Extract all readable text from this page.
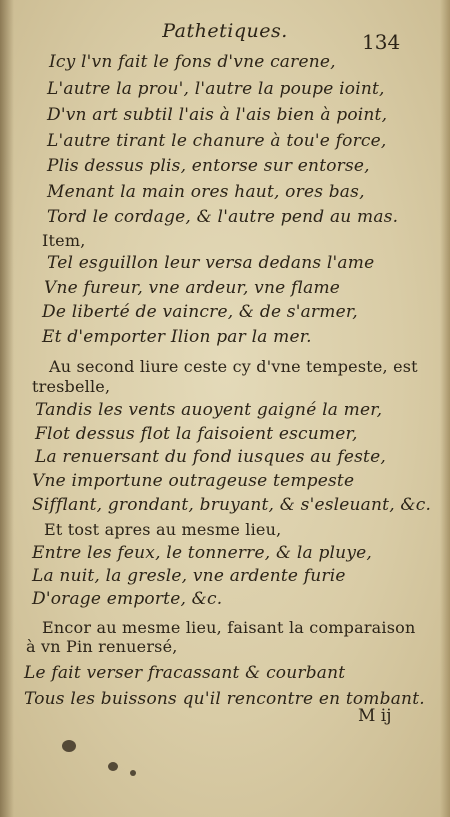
Pathetiques.	134
Icy l'vn fait le fons d'vne carene,
L'autre la prou', l'autre la poupe ioint,
D'vn art subtil l'ais à l'ais bien à point,
L'autre tirant le chanure à tou'e force,
Plis dessus plis, entorse sur entorse,
Menant la main ores haut, ores bas,
Tord le cordage, & l'autre pend au mas.
Item,
Tel esguillon leur versa dedans l'ame
Vne fureur, vne ardeur, vne flame
De liberté de vaincre, & de s'armer,
Et d'emporter Ilion par la mer.
Au second liure ceste cy d'vne tempeste, est
tresbelle,
Tandis les vents auoyent gaigné la mer,
Flot dessus flot la faisoient escumer,
La renuersant du fond iusques au feste,
Vne importune outrageuse tempeste
Sifflant, grondant, bruyant, & s'esleuant, &c.
Et tost apres au mesme lieu,
Entre les feux, le tonnerre, & la pluye,
La nuit, la gresle, vne ardente furie
D'orage emporte, &c.
Encor au mesme lieu, faisant la comparaison
à vn Pin renuersé,
Le fait verser fracassant & courbant
Tous les buissons qu'il rencontre en tombant.
M ij
